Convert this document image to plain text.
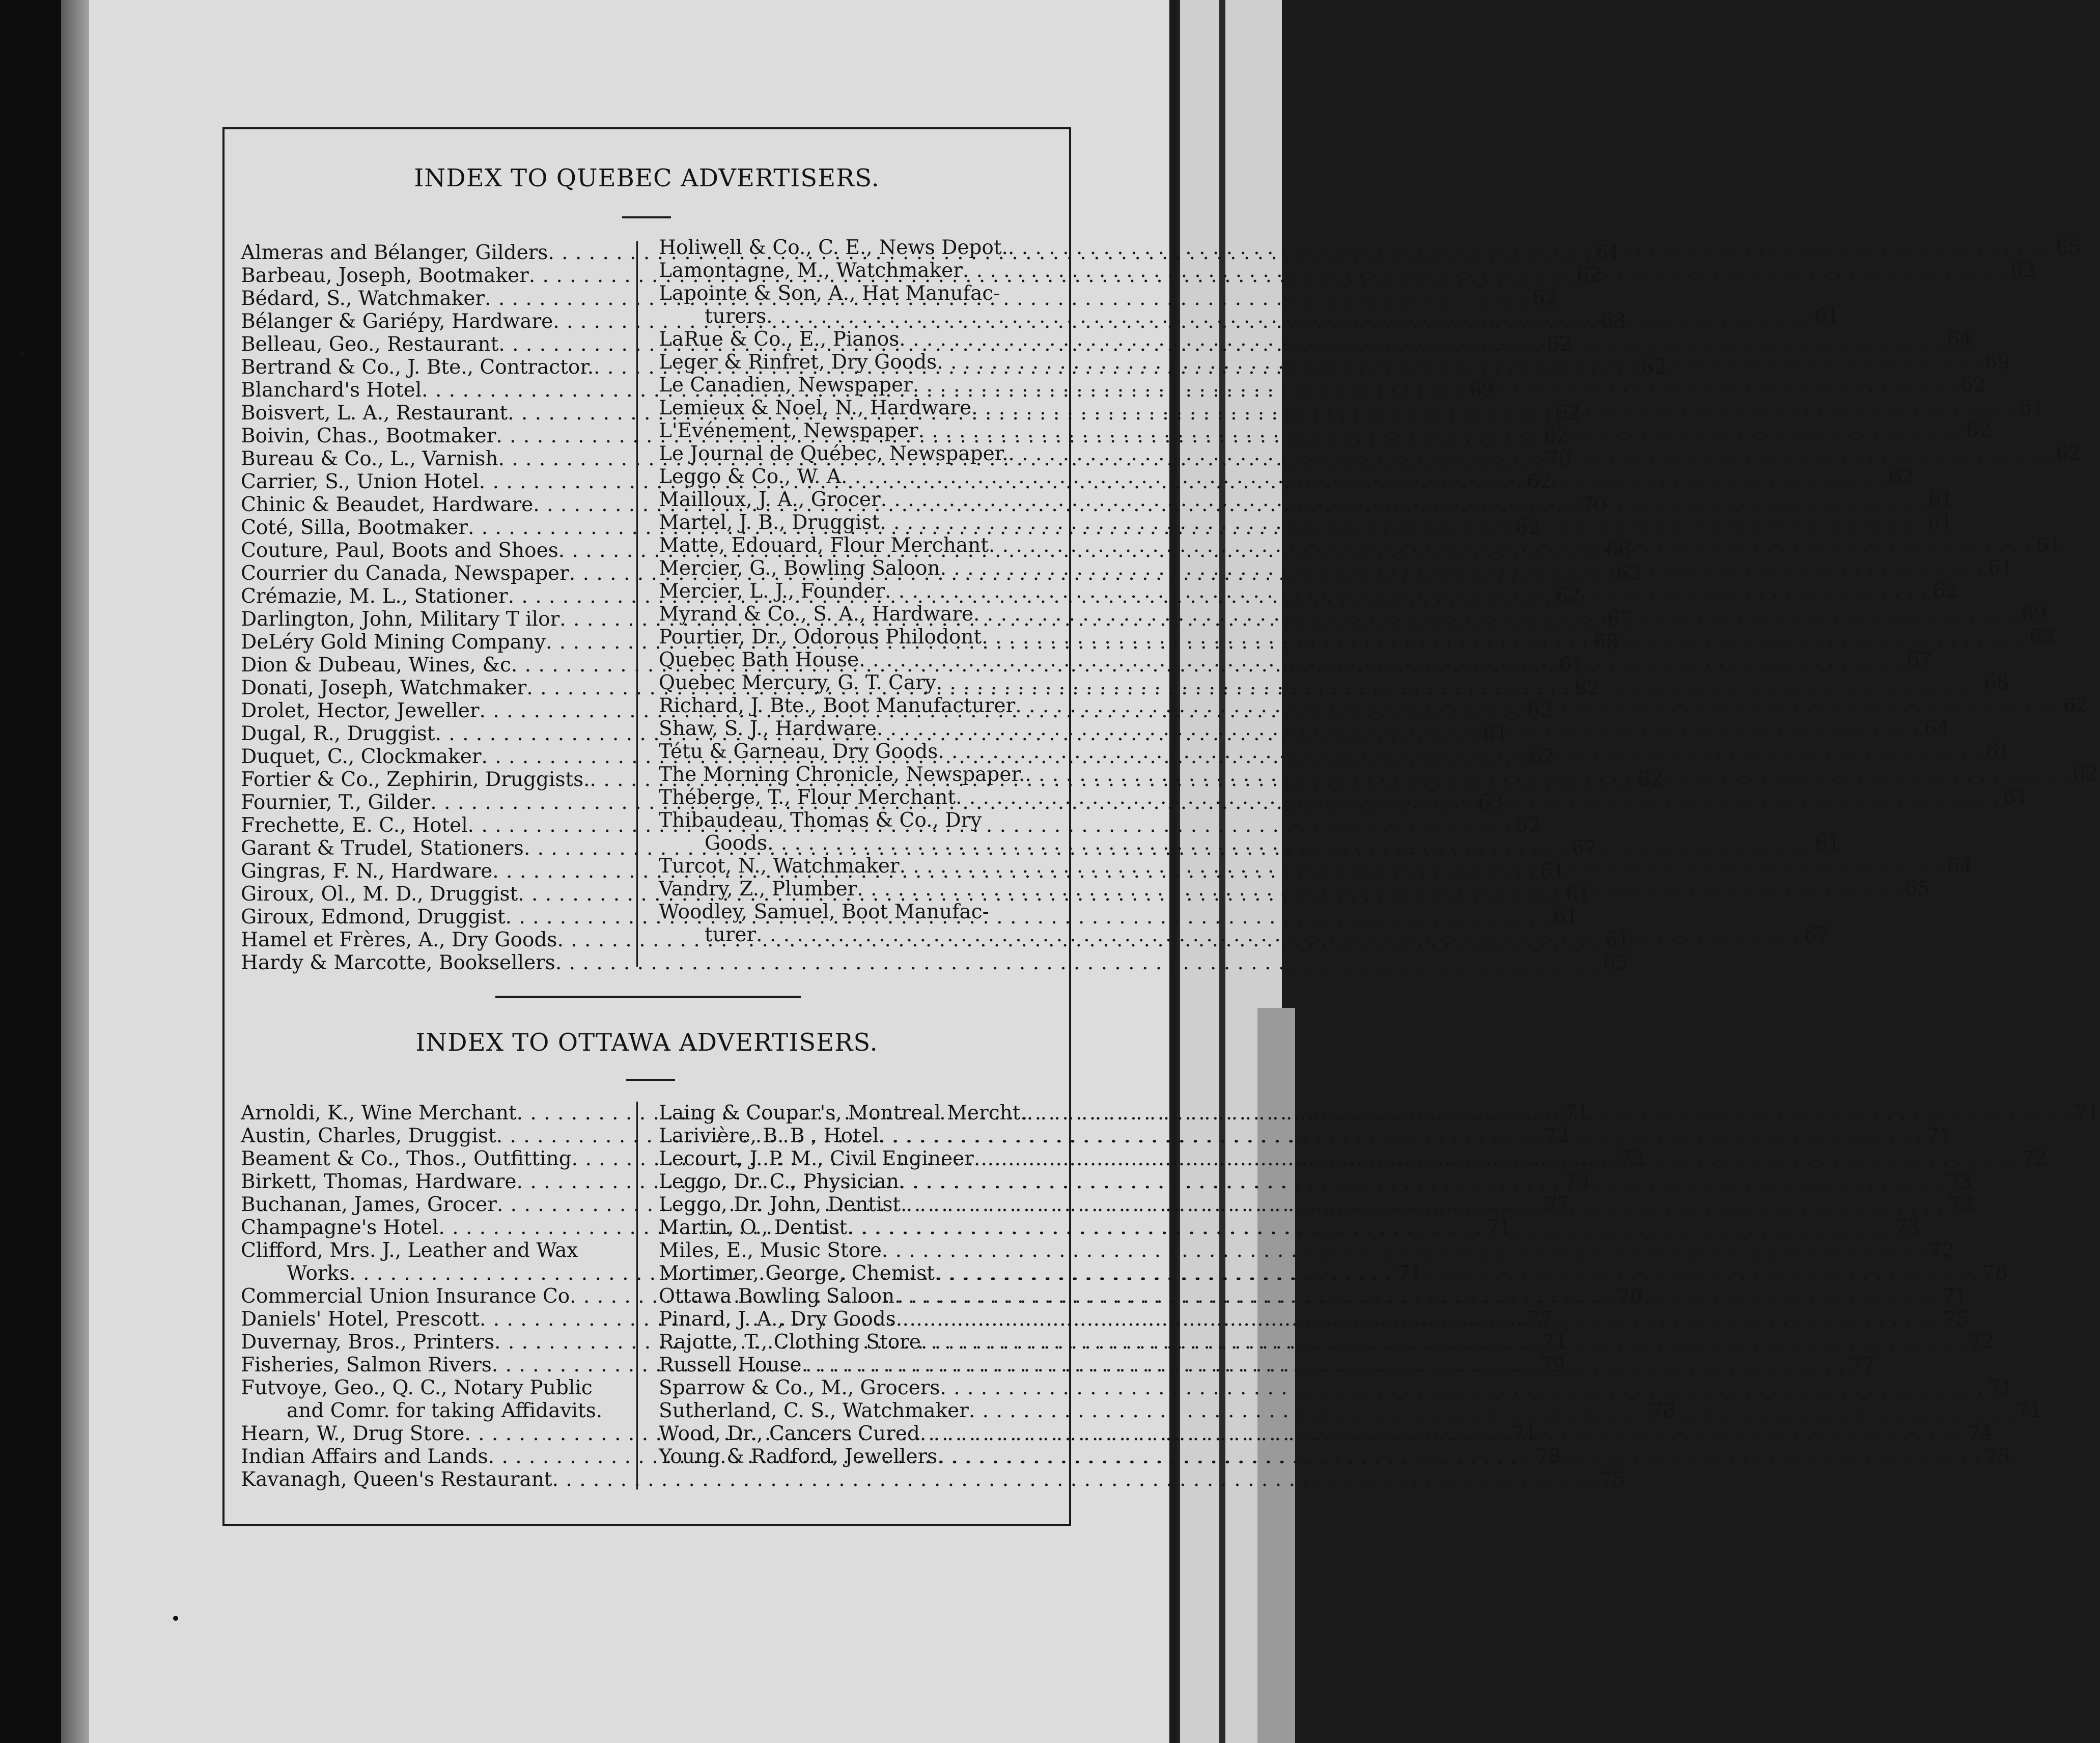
INDEX TO QUEBEC ADVERTISERS.
Almeras and Bélanger, Gilders . . .	61
Barbeau, Joseph, Bootmaker . . .	62
Bédard, S., Watchmaker . . .	62
Bélanger & Gariépy, Hardware . . .	63
Belleau, Geo., Restaurant . . .	62
Bertrand & Co., J. Bte., Contractor. . . .	62
Blanchard's Hotel . . .	69
Boisvert, L. A., Restaurant . . .	62
Boivin, Chas., Bootmaker . . .	62
Bureau & Co., L., Varnish . . .	70
Carrier, S., Union Hotel . . .	62
Chinic & Beaudet, Hardware . . .	70
Coté, Silla, Bootmaker . . .	62
Couture, Paul, Boots and Shoes . . .	66
Courrier du Canada, Newspaper . . .	62
Crémazie, M. L., Stationer . . .	62
Darlington, John, Military T ilor . . .	67
DeLéry Gold Mining Company . . .	68
Dion & Dubeau, Wines, &c . . .	61
Donati, Joseph, Watchmaker . . .	62
Drolet, Hector, Jeweller . . .	62
Dugal, R., Druggist . . .	61
Duquet, C., Clockmaker . . .	62
Fortier & Co., Zephirin, Druggists. . . .	62
Fournier, T., Gilder . . .	63
Frechette, E. C., Hotel . . .	62
Garant & Trudel, Stationers . . .	67
Gingras, F. N., Hardware . . .	61
Giroux, Ol., M. D., Druggist . . .	61
Giroux, Edmond, Druggist . . .	61
Hamel et Frères, A., Dry Goods . . .	61
Hardy & Marcotte, Booksellers . . .	65
Holiwell & Co., C. E., News Depot. . . .	65
Lamontagne, M., Watchmaker . . .	62
Lapointe & Son, A., Hat Manufac-
turers . . .	61
LaRue & Co., E., Pianos . . .	64
Leger & Rinfret, Dry Goods . . .	69
Le Canadien, Newspaper . . .	62
Lemieux & Noel, N., Hardware . . .	61
L'Evénement, Newspaper . . .	62
Le Journal de Québec, Newspaper. . . .	62
Leggo & Co., W. A . . .	62
Mailloux, J. A., Grocer . . .	61
Martel, J. B., Druggist . . .	61
Matte, Edouard, Flour Merchant . . .	61
Mercier, G., Bowling Saloon . . .	61
Mercier, L. J., Founder . . .	62
Myrand & Co., S. A., Hardware . . .	69
Pourtier, Dr., Odorous Philodont . . .	63
Quebec Bath House . . .	67
Quebec Mercury, G. T. Cary . . .	68
Richard, J. Bte., Boot Manufacturer . . .	62
Shaw, S. J., Hardware . . .	64
Tétu & Garneau, Dry Goods . . .	61
The Morning Chronicle, Newspaper. . . .	62
Théberge, T., Flour Merchant . . .	61
Thibaudeau, Thomas & Co., Dry
Goods . . .	61
Turcot, N., Watchmaker . . .	64
Vandry, Z., Plumber . . .	65
Woodley, Samuel, Boot Manufac-
turer . . .	67
INDEX TO OTTAWA ADVERTISERS.
Arnoldi, K., Wine Merchant . . .	71
Austin, Charles, Druggist . . .	72
Beament & Co., Thos., Outfitting . . .	73
Birkett, Thomas, Hardware . . .	73
Buchanan, James, Grocer . . .	77
Champagne's Hotel . . .	71
Clifford, Mrs. J., Leather and Wax
Works . . .	71
Commercial Union Insurance Co . . .	70
Daniels' Hotel, Prescott . . .	77
Duvernay, Bros., Printers . . .	71
Fisheries, Salmon Rivers . . .	79
Futvoye, Geo., Q. C., Notary Public
and Comr. for taking Affidavits.	78
Hearn, W., Drug Store . . .	71
Indian Affairs and Lands . . .	78
Kavanagh, Queen's Restaurant . . .	75
Laing & Coupar's, Montreal Mercht. . . .	71
Larivière, B. B , Hotel . . .	71
Lecourt, J. P. M., Civil Engineer . . .	72
Leggo, Dr. C., Physician . . .	73
Leggo, Dr. John, Dentist . . .	72
Martin, O., Dentist . . .	73
Miles, E., Music Store . . .	72
Mortimer, George, Chemist . . .	76
Ottawa Bowling Saloon . . .	71
Pinard, J. A., Dry Goods . . .	75
Rajotte, T., Clothing Store . . .	72
Russell House . . .	77
Sparrow & Co., M., Grocers . . .	71
Sutherland, C. S., Watchmaker . . .	71
Wood, Dr., Cancers Cured . . .	74
Young & Radford, Jewellers . . .	75
